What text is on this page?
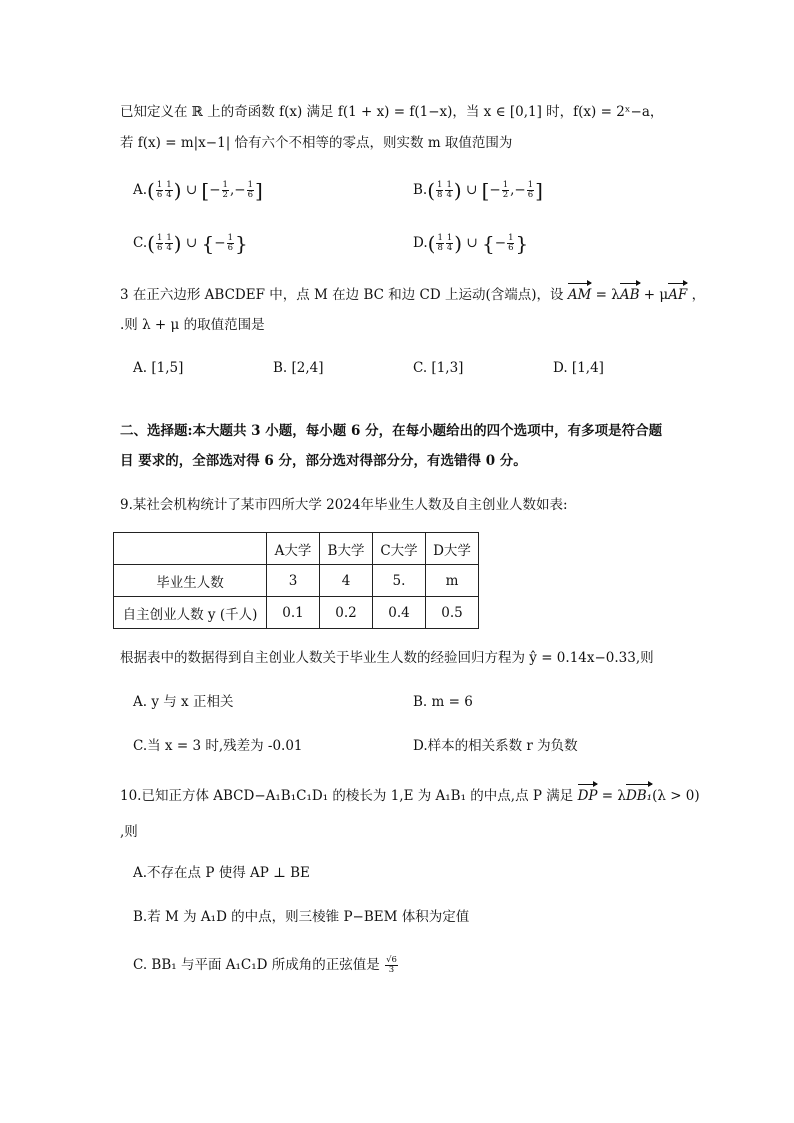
已知定义在 ℝ 上的奇函数 f(x) 满足 f(1 + x) = f(1−x)，当 x ∈ [0,1] 时，f(x) = 2ˣ−a，
若 f(x) = m|x−1| 恰有六个不相等的零点，则实数 m 取值范围为
$A.( \frac{1}{6} \frac{1}{4}$ ) ∪ [− $\frac{1}{2}$ ,− $\frac{1}{6}$ ]	$B.( \frac{1}{8} \frac{1}{4}$ ) ∪ [− $\frac{1}{2}$ ,− $\frac{1}{6}$ ]
$C.( \frac{1}{6} \frac{1}{4}$ ) ∪ {− $\frac{1}{6}$ }	$D.( \frac{1}{8} \frac{1}{4}$ ) ∪ {− $\frac{1}{6}$ }
3 在正六边形 ABCDEF 中，点 M 在边 BC 和边 CD 上运动(含端点)，设 AM = λAB + μAF ，
.则 λ + μ 的取值范围是
A. [1,5]	B. [2,4]	C. [1,3]	D. [1,4]
二、选择题:本大题共 3 小题，每小题 6 分，在每小题给出的四个选项中，有多项是符合题
目 要求的，全部选对得 6 分，部分选对得部分分，有选错得 0 分。
9.某社会机构统计了某市四所大学 2024年毕业生人数及自主创业人数如表:
	A大学	B大学	C大学	D大学
毕业生人数	3	4	5.	m
自主创业人数 y (千人)	0.1	0.2	0.4	0.5
根据表中的数据得到自主创业人数关于毕业生人数的经验回归方程为 ŷ = 0.14x−0.33,则
A. y 与 x 正相关	B. m = 6
C.当 x = 3 时,残差为 -0.01	D.样本的相关系数 r 为负数
10.已知正方体 ABCD−A₁B₁C₁D₁ 的棱长为 1,E 为 A₁B₁ 的中点,点 P 满足 DP = λDB₁(λ > 0)
,则
A.不存在点 P 使得 AP ⊥ BE
B.若 M 为 A₁D 的中点，则三棱锥 P−BEM 体积为定值
C. BB₁ 与平面 A₁C₁D 所成角的正弦值是 $\frac{√6}{3}$
